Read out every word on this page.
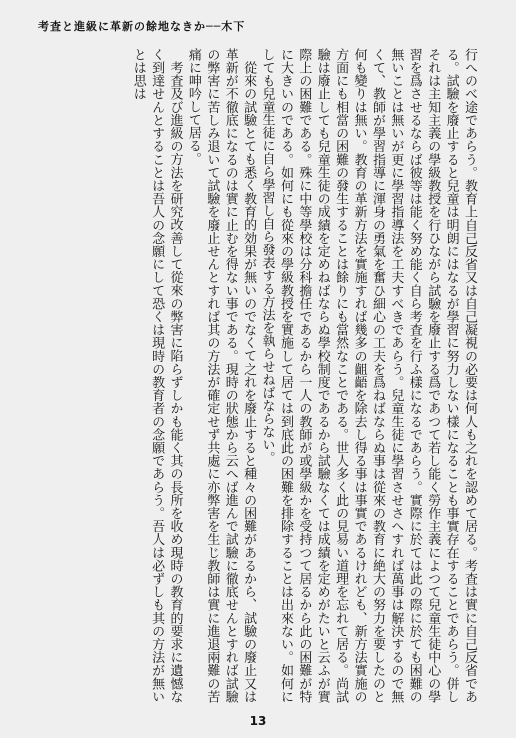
考査と進級に革新の餘地なきか──木下

行へのべ途であらう。教育上自己反省又は自己凝視の必要は何人も之れを認めて居る。考査は實に自己反省である。試驗を廢止すると兒童は明朗にはなるが學習に努力しない樣になることも事實存在することであらう。併しそれは主知主義の學級教授を行ひながら試驗を廢止する爲であつて若し能く勞作主義によつて兒童生徒中心の學習を爲させるならば彼等は能く努め能く自ら考査を行ふ樣になるであらう。實際に於ては此の際に於ても困難の無いことは無いが更に學習指導法を工夫すべきであらう。兒童生徒に學習させさへすれば萬事は解決するので無くて、教師が學習指導に渾身の勇氣を奮ひ細心の工夫を爲ねばならぬ事は從來の教育に絶大の努力を要したのと何も變りは無い。教育の革新方法を實施すれば幾多の齟齬を除去し得る事は事實であるけれども、新方法實施の方面にも相當の困難の發生することは餘りにも當然なことである。世人多く此の見易い道理を忘れて居る。尚試驗は廢止しても兒童生徒の成績を定めねばならぬ學校制度であるから試驗なくては成績を定めがたいと云ふが實際上の困難である。殊に中等學校は分科擔任であるから一人の教師が或學級かを受持つて居るから此の困難が特に大きいのである。如何にも從來の學級教授を實施して居ては到底此の困難を排除することは出來ない。如何にしても兒童生徒に自ら學習し自ら發表する方法を執らせねばならない。

從來の試驗とても悉く教育的効果が無いのでなくて之れを廢止すると種々の困難があるから、試驗の廢止又は革新が不徹底になるのは實に止むを得ない事である。現時の狀態から云へば進んで試驗に徹底せんとすれば試驗の弊害に苦しみ退いて試驗を廢止せんとすれば其の方法が確定せず共處に亦弊害を生じ教師は實に進退兩難の苦痛に呻吟して居る。

考査及び進級の方法を研究改善して從來の弊害に陷らずしかも能く其の長所を收め現時の教育的要求に遺憾なく到達せんとすることは吾人の念願にして恐くは現時の教育者の念願であらう。吾人は必ずしも其の方法が無いとは思は

13
